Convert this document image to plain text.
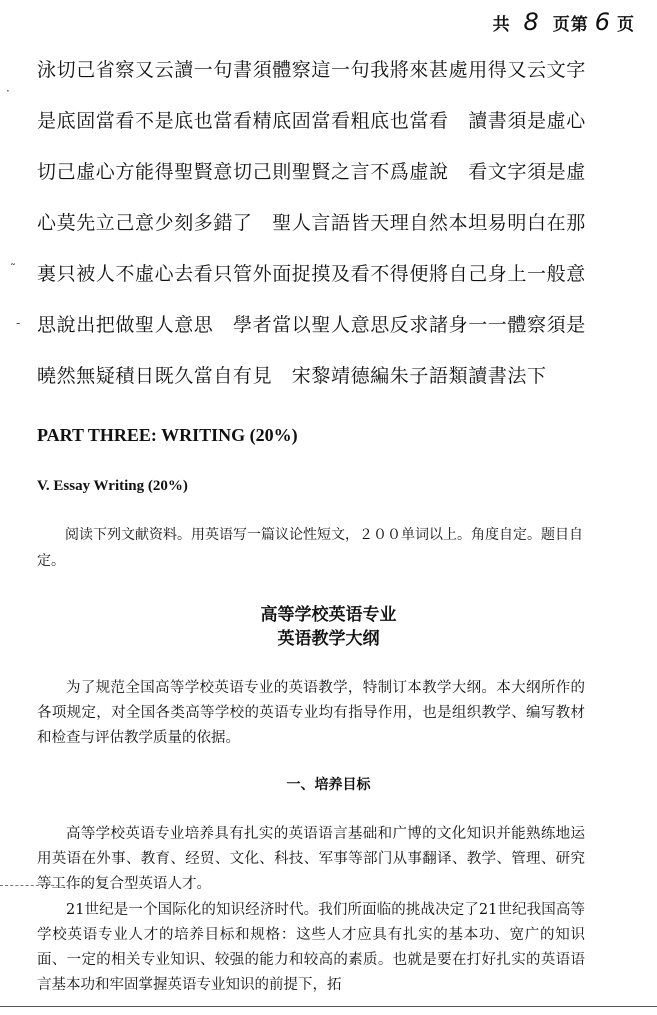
共 8 页第 6 页

泳切己省察又云讀一句書須體察這一句我將來甚處用得又云文字

是底固當看不是底也當看精底固當看粗底也當看　讀書須是虛心

切己虛心方能得聖賢意切己則聖賢之言不爲虛說　看文字須是虛

心莫先立己意少刻多錯了　聖人言語皆天理自然本坦易明白在那

裏只被人不虛心去看只管外面捉摸及看不得便將自己身上一般意

思說出把做聖人意思　學者當以聖人意思反求諸身一一體察須是

曉然無疑積日既久當自有見　宋黎靖德編朱子語類讀書法下

PART THREE: WRITING (20%)
V. Essay Writing (20%)

阅读下列文献资料。用英语写一篇议论性短文，２００单词以上。角度自定。题目自定。

高等学校英语专业

英语教学大纲

为了规范全国高等学校英语专业的英语教学，特制订本教学大纲。本大纲所作的各项规定，对全国各类高等学校的英语专业均有指导作用，也是组织教学、编写教材和检查与评估教学质量的依据。

一、培养目标

高等学校英语专业培养具有扎实的英语语言基础和广博的文化知识并能熟练地运用英语在外事、教育、经贸、文化、科技、军事等部门从事翻译、教学、管理、研究等工作的复合型英语人才。

21世纪是一个国际化的知识经济时代。我们所面临的挑战决定了21世纪我国高等学校英语专业人才的培养目标和规格：这些人才应具有扎实的基本功、宽广的知识面、一定的相关专业知识、较强的能力和较高的素质。也就是要在打好扎实的英语语言基本功和牢固掌握英语专业知识的前提下，拓

·
˜
-
